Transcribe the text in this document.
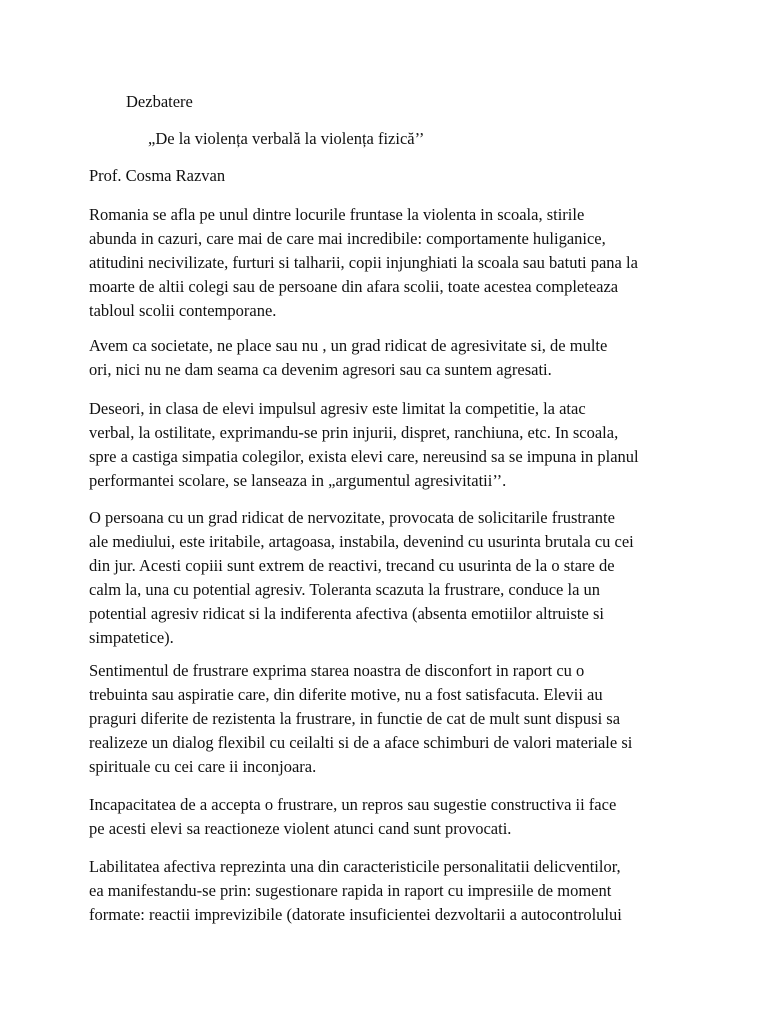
Dezbatere
„De la violența verbală la violența fizică’’

Prof. Cosma Razvan

Romania se afla pe unul dintre locurile fruntase la violenta in scoala, stirile
abunda in cazuri, care mai de care mai incredibile: comportamente huliganice,
atitudini necivilizate, furturi si talharii, copii injunghiati la scoala sau batuti pana la
moarte de altii colegi sau de persoane din afara scolii, toate acestea completeaza
tabloul scolii contemporane.

Avem ca societate, ne place sau nu , un grad ridicat de agresivitate si, de multe
ori, nici nu ne dam seama ca devenim agresori sau ca suntem agresati.

Deseori, in clasa de elevi impulsul agresiv este limitat la competitie, la atac
verbal, la ostilitate, exprimandu-se prin injurii, dispret, ranchiuna, etc. In scoala,
spre a castiga simpatia colegilor, exista elevi care, nereusind sa se impuna in planul
performantei scolare, se lanseaza in „argumentul agresivitatii’’.

O persoana cu un grad ridicat de nervozitate, provocata de solicitarile frustrante
ale mediului, este iritabile, artagoasa, instabila, devenind cu usurinta brutala cu cei
din jur. Acesti copiii sunt extrem de reactivi, trecand cu usurinta de la o stare de
calm la, una cu potential agresiv. Toleranta scazuta la frustrare, conduce la un
potential agresiv ridicat si la indiferenta afectiva (absenta emotiilor altruiste si
simpatetice).

Sentimentul de frustrare exprima starea noastra de disconfort in raport cu o
trebuinta sau aspiratie care, din diferite motive, nu a fost satisfacuta. Elevii au
praguri diferite de rezistenta la frustrare, in functie de cat de mult sunt dispusi sa
realizeze un dialog flexibil cu ceilalti si de a aface schimburi de valori materiale si
spirituale cu cei care ii inconjoara.

Incapacitatea de a accepta o frustrare, un repros sau sugestie constructiva ii face
pe acesti elevi sa reactioneze violent atunci cand sunt provocati.

Labilitatea afectiva reprezinta una din caracteristicile personalitatii delicventilor,
ea manifestandu-se prin: sugestionare rapida in raport cu impresiile de moment
formate: reactii imprevizibile (datorate insuficientei dezvoltarii a autocontrolului
